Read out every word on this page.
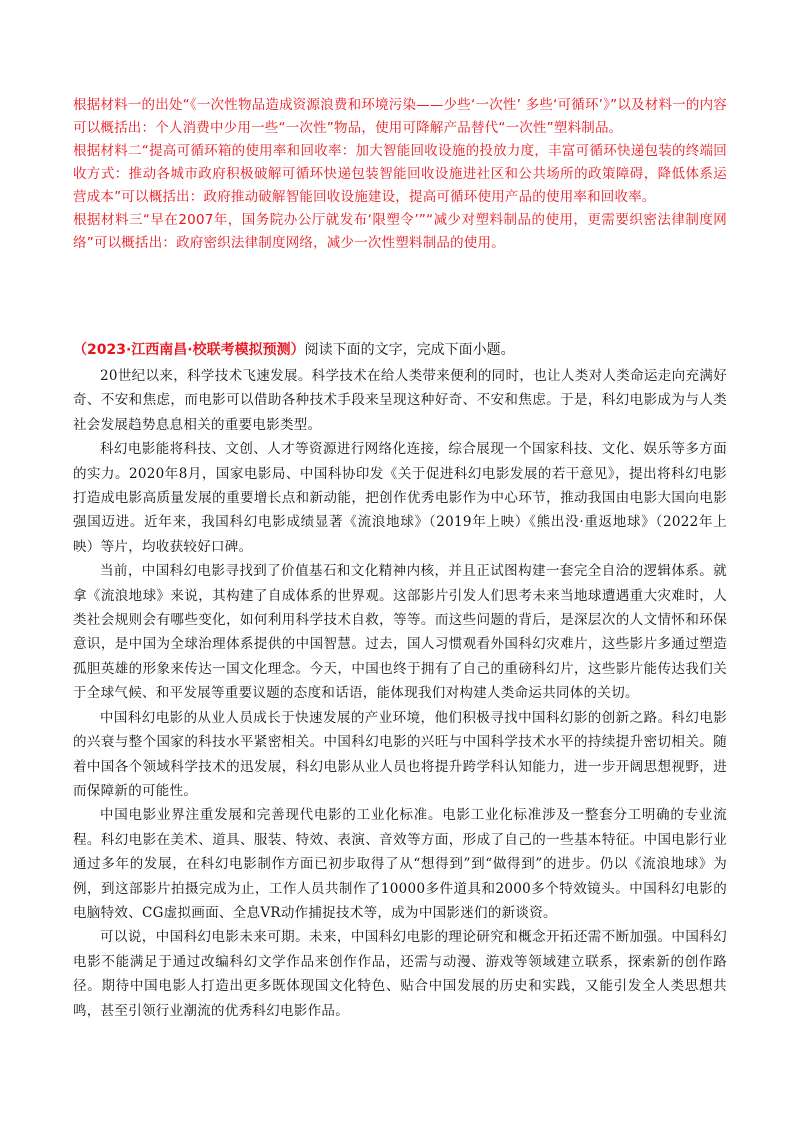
根据材料一的出处“《一次性物品造成资源浪费和环境污染——少些‘一次性’ 多些‘可循环’》”以及材料一的内容可以概括出：个人消费中少用一些“一次性”物品，使用可降解产品替代“一次性”塑料制品。

根据材料二“提高可循环箱的使用率和回收率：加大智能回收设施的投放力度，丰富可循环快递包装的终端回收方式：推动各城市政府积极破解可循环快递包装智能回收设施进社区和公共场所的政策障碍，降低体系运营成本”可以概括出：政府推动破解智能回收设施建设，提高可循环使用产品的使用率和回收率。

根据材料三“早在2007年，国务院办公厅就发布‘限塑令’”“减少对塑料制品的使用，更需要织密法律制度网络”可以概括出：政府密织法律制度网络，减少一次性塑料制品的使用。

（2023·江西南昌·校联考模拟预测）阅读下面的文字，完成下面小题。

20世纪以来，科学技术飞速发展。科学技术在给人类带来便利的同时，也让人类对人类命运走向充满好奇、不安和焦虑，而电影可以借助各种技术手段来呈现这种好奇、不安和焦虑。于是，科幻电影成为与人类社会发展趋势息息相关的重要电影类型。

科幻电影能将科技、文创、人才等资源进行网络化连接，综合展现一个国家科技、文化、娱乐等多方面的实力。2020年8月，国家电影局、中国科协印发《关于促进科幻电影发展的若干意见》，提出将科幻电影打造成电影高质量发展的重要增长点和新动能，把创作优秀电影作为中心环节，推动我国由电影大国向电影强国迈进。近年来，我国科幻电影成绩显著《流浪地球》（2019年上映）《熊出没·重返地球》（2022年上映）等片，均收获较好口碑。

当前，中国科幻电影寻找到了价值基石和文化精神内核，并且正试图构建一套完全自洽的逻辑体系。就拿《流浪地球》来说，其构建了自成体系的世界观。这部影片引发人们思考未来当地球遭遇重大灾难时，人类社会规则会有哪些变化，如何利用科学技术自救，等等。而这些问题的背后，是深层次的人文情怀和环保意识，是中国为全球治理体系提供的中国智慧。过去，国人习惯观看外国科幻灾难片，这些影片多通过塑造孤胆英雄的形象来传达一国文化理念。今天，中国也终于拥有了自己的重磅科幻片，这些影片能传达我们关于全球气候、和平发展等重要议题的态度和话语，能体现我们对构建人类命运共同体的关切。

中国科幻电影的从业人员成长于快速发展的产业环境，他们积极寻找中国科幻影的创新之路。科幻电影的兴衰与整个国家的科技水平紧密相关。中国科幻电影的兴旺与中国科学技术水平的持续提升密切相关。随着中国各个领域科学技术的迅发展，科幻电影从业人员也将提升跨学科认知能力，进一步开阔思想视野，进而保障新的可能性。

中国电影业界注重发展和完善现代电影的工业化标准。电影工业化标准涉及一整套分工明确的专业流程。科幻电影在美术、道具、服装、特效、表演、音效等方面，形成了自己的一些基本特征。中国电影行业通过多年的发展，在科幻电影制作方面已初步取得了从“想得到”到“做得到”的进步。仍以《流浪地球》为例，到这部影片拍摄完成为止，工作人员共制作了10000多件道具和2000多个特效镜头。中国科幻电影的电脑特效、CG虚拟画面、全息VR动作捕捉技术等，成为中国影迷们的新谈资。

可以说，中国科幻电影未来可期。未来，中国科幻电影的理论研究和概念开拓还需不断加强。中国科幻电影不能满足于通过改编科幻文学作品来创作作品，还需与动漫、游戏等领域建立联系，探索新的创作路径。期待中国电影人打造出更多既体现国文化特色、贴合中国发展的历史和实践，又能引发全人类思想共鸣，甚至引领行业潮流的优秀科幻电影作品。
